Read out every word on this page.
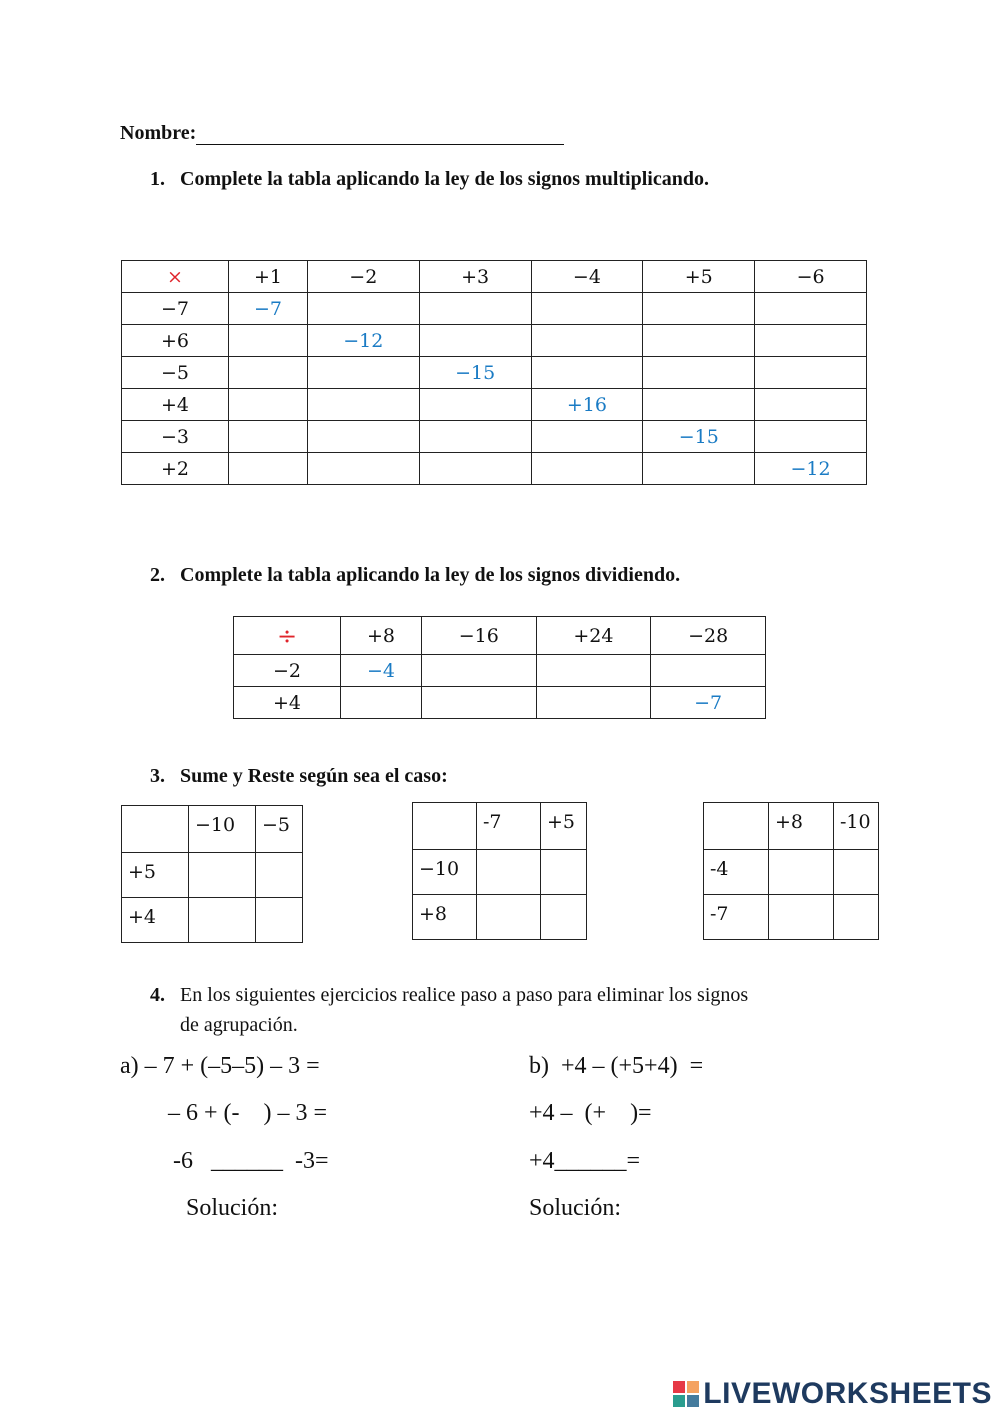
Nombre:
1. Complete la tabla aplicando la ley de los signos multiplicando.
×	+1	−2	+3	−4	+5	−6
−7	−7					
+6		−12				
−5			−15			
+4				+16		
−3					−15	
+2						−12
2. Complete la tabla aplicando la ley de los signos dividiendo.
÷	+8	−16	+24	−28
−2	−4			
+4				−7
3. Sume y Reste según sea el caso:
	−10	−5
+5		
+4		
	-7	+5
−10		
+8		
	+8	-10
-4		
-7		
4. En los siguientes ejercicios realice paso a paso para eliminar los signos
de agrupación.
a) – 7 + (–5–5) – 3 =
– 6 + (-    ) – 3 =
-6   ______  -3=
Solución:
b)  +4 – (+5+4)  =
+4 –  (+    )=
+4______=
Solución:
LIVEWORKSHEETS
